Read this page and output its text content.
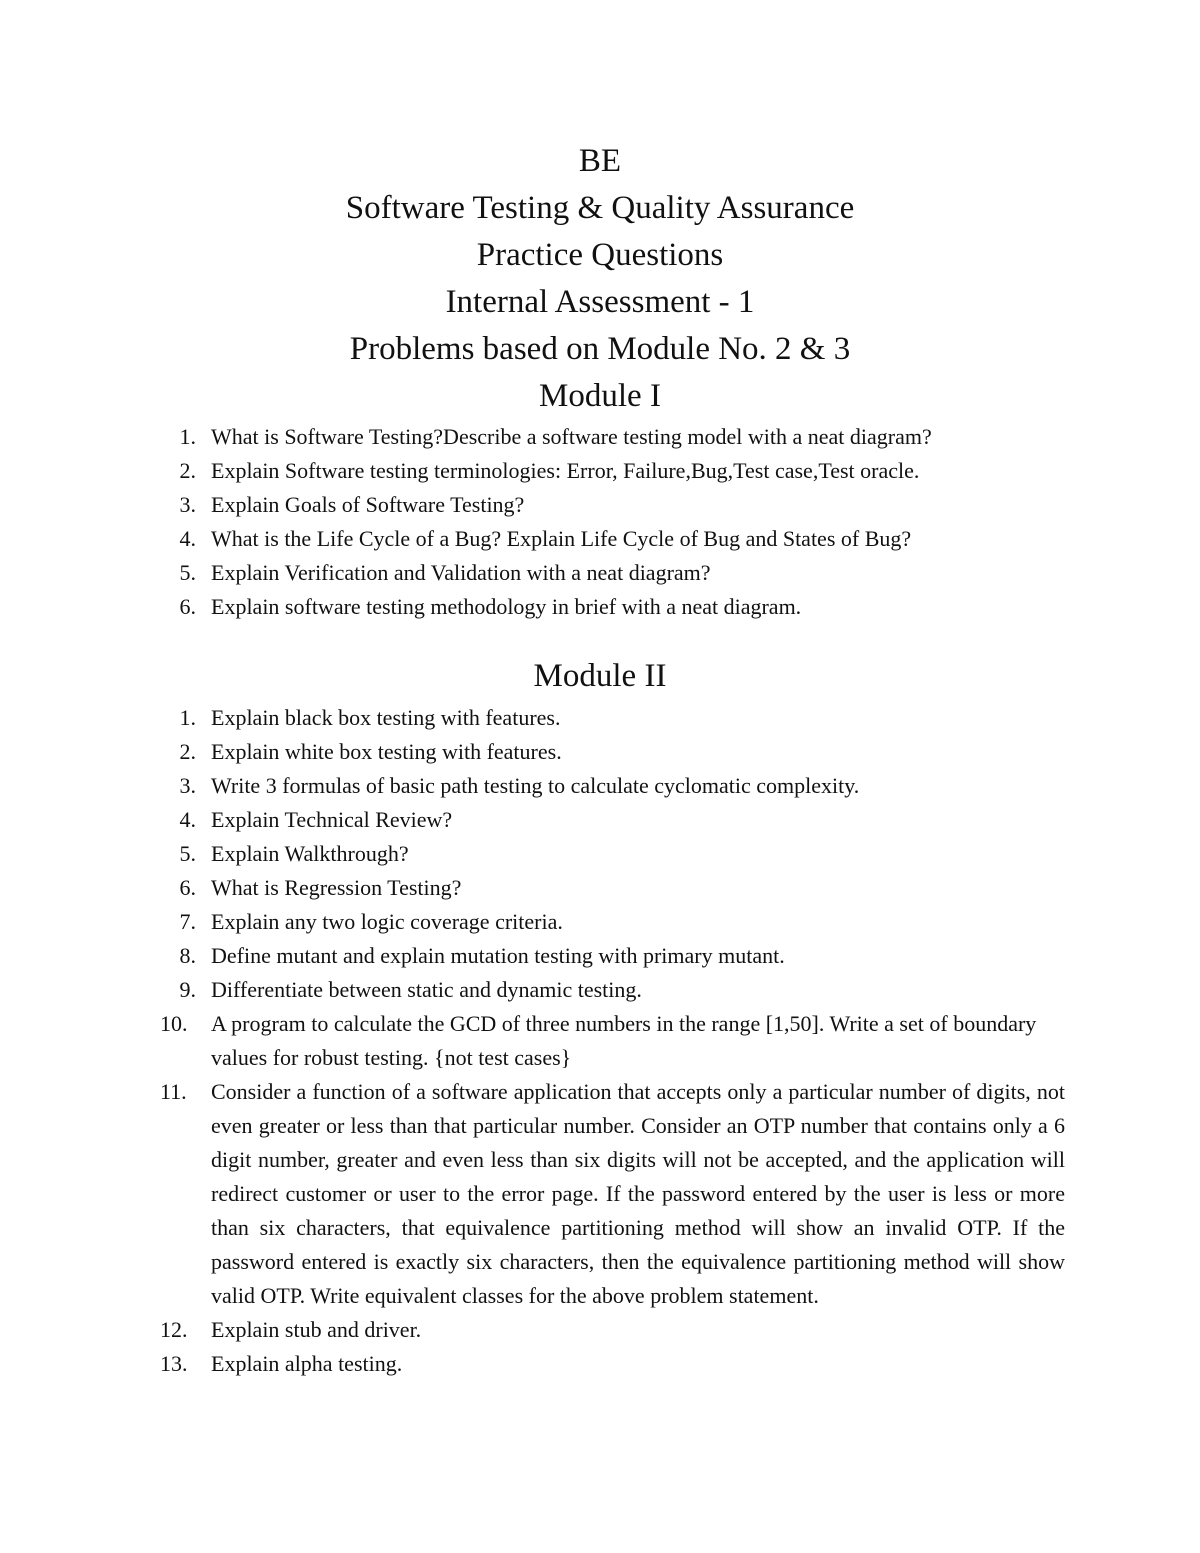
BE
Software Testing & Quality Assurance
Practice Questions
Internal Assessment - 1
Problems based on Module No. 2 & 3
Module I
1. What is Software Testing?Describe a software testing model with a neat diagram?
2. Explain Software testing terminologies: Error, Failure,Bug,Test case,Test oracle.
3. Explain Goals of Software Testing?
4. What is the Life Cycle of a Bug? Explain Life Cycle of Bug and States of Bug?
5. Explain Verification and Validation with a neat diagram?
6. Explain software testing methodology in brief with a neat diagram.
Module II
1. Explain black box testing with features.
2. Explain white box testing with features.
3. Write 3 formulas of basic path testing to calculate cyclomatic complexity.
4. Explain Technical Review?
5. Explain Walkthrough?
6. What is Regression Testing?
7. Explain any two logic coverage criteria.
8. Define mutant and explain mutation testing with primary mutant.
9. Differentiate between static and dynamic testing.
10.	A program to calculate the GCD of three numbers in the range [1,50]. Write a set of boundary values for robust testing. {not test cases}
11.	Consider a function of a software application that accepts only a particular number of digits, not even greater or less than that particular number. Consider an OTP number that contains only a 6 digit number, greater and even less than six digits will not be accepted, and the application will redirect customer or user to the error page. If the password entered by the user is less or more than six characters, that equivalence partitioning method will show an invalid OTP. If the password entered is exactly six characters, then the equivalence partitioning method will show valid OTP. Write equivalent classes for the above problem statement.
12.	Explain stub and driver.
13.	Explain alpha testing.
